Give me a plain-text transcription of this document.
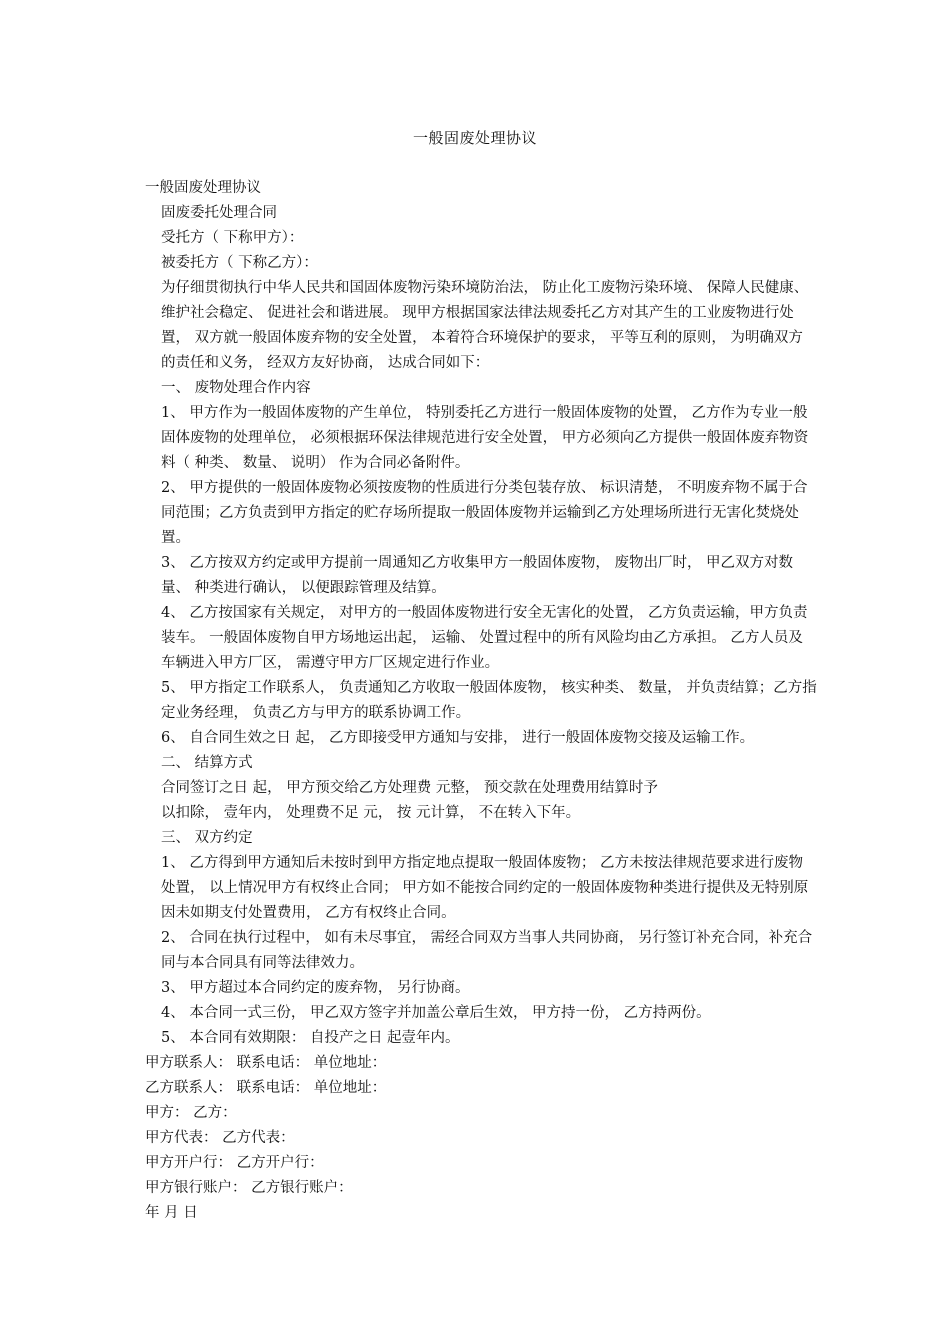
一般固废处理协议

一般固废处理协议

固废委托处理合同

受托方（ 下称甲方）：

被委托方（ 下称乙方）：

为仔细贯彻执行中华人民共和国固体废物污染环境防治法， 防止化工废物污染环境、 保障人民健康、 维护社会稳定、 促进社会和谐进展。 现甲方根据国家法律法规委托乙方对其产生的工业废物进行处置， 双方就一般固体废弃物的安全处置， 本着符合环境保护的要求， 平等互利的原则， 为明确双方的责任和义务， 经双方友好协商， 达成合同如下：

一、 废物处理合作内容

1、 甲方作为一般固体废物的产生单位， 特别委托乙方进行一般固体废物的处置， 乙方作为专业一般固体废物的处理单位， 必须根据环保法律规范进行安全处置， 甲方必须向乙方提供一般固体废弃物资料（ 种类、 数量、 说明） 作为合同必备附件。

2、 甲方提供的一般固体废物必须按废物的性质进行分类包装存放、 标识清楚， 不明废弃物不属于合同范围；乙方负责到甲方指定的贮存场所提取一般固体废物并运输到乙方处理场所进行无害化焚烧处置。

3、 乙方按双方约定或甲方提前一周通知乙方收集甲方一般固体废物， 废物出厂时， 甲乙双方对数量、 种类进行确认， 以便跟踪管理及结算。

4、 乙方按国家有关规定， 对甲方的一般固体废物进行安全无害化的处置， 乙方负责运输，甲方负责装车。 一般固体废物自甲方场地运出起， 运输、 处置过程中的所有风险均由乙方承担。 乙方人员及车辆进入甲方厂区， 需遵守甲方厂区规定进行作业。

5、 甲方指定工作联系人， 负责通知乙方收取一般固体废物， 核实种类、 数量， 并负责结算；乙方指定业务经理， 负责乙方与甲方的联系协调工作。

6、 自合同生效之日 起， 乙方即接受甲方通知与安排， 进行一般固体废物交接及运输工作。

二、 结算方式

合同签订之日 起， 甲方预交给乙方处理费 元整， 预交款在处理费用结算时予

以扣除， 壹年内， 处理费不足 元， 按 元计算， 不在转入下年。

三、 双方约定

1、 乙方得到甲方通知后未按时到甲方指定地点提取一般固体废物； 乙方未按法律规范要求进行废物处置， 以上情况甲方有权终止合同； 甲方如不能按合同约定的一般固体废物种类进行提供及无特别原因未如期支付处置费用， 乙方有权终止合同。

2、 合同在执行过程中， 如有未尽事宜， 需经合同双方当事人共同协商， 另行签订补充合同，补充合同与本合同具有同等法律效力。

3、 甲方超过本合同约定的废弃物， 另行协商。

4、 本合同一式三份， 甲乙双方签字并加盖公章后生效， 甲方持一份， 乙方持两份。

5、 本合同有效期限： 自投产之日 起壹年内。

甲方联系人： 联系电话： 单位地址：

乙方联系人： 联系电话： 单位地址：

甲方： 乙方：

甲方代表： 乙方代表：

甲方开户行： 乙方开户行：

甲方银行账户： 乙方银行账户：

年 月 日
